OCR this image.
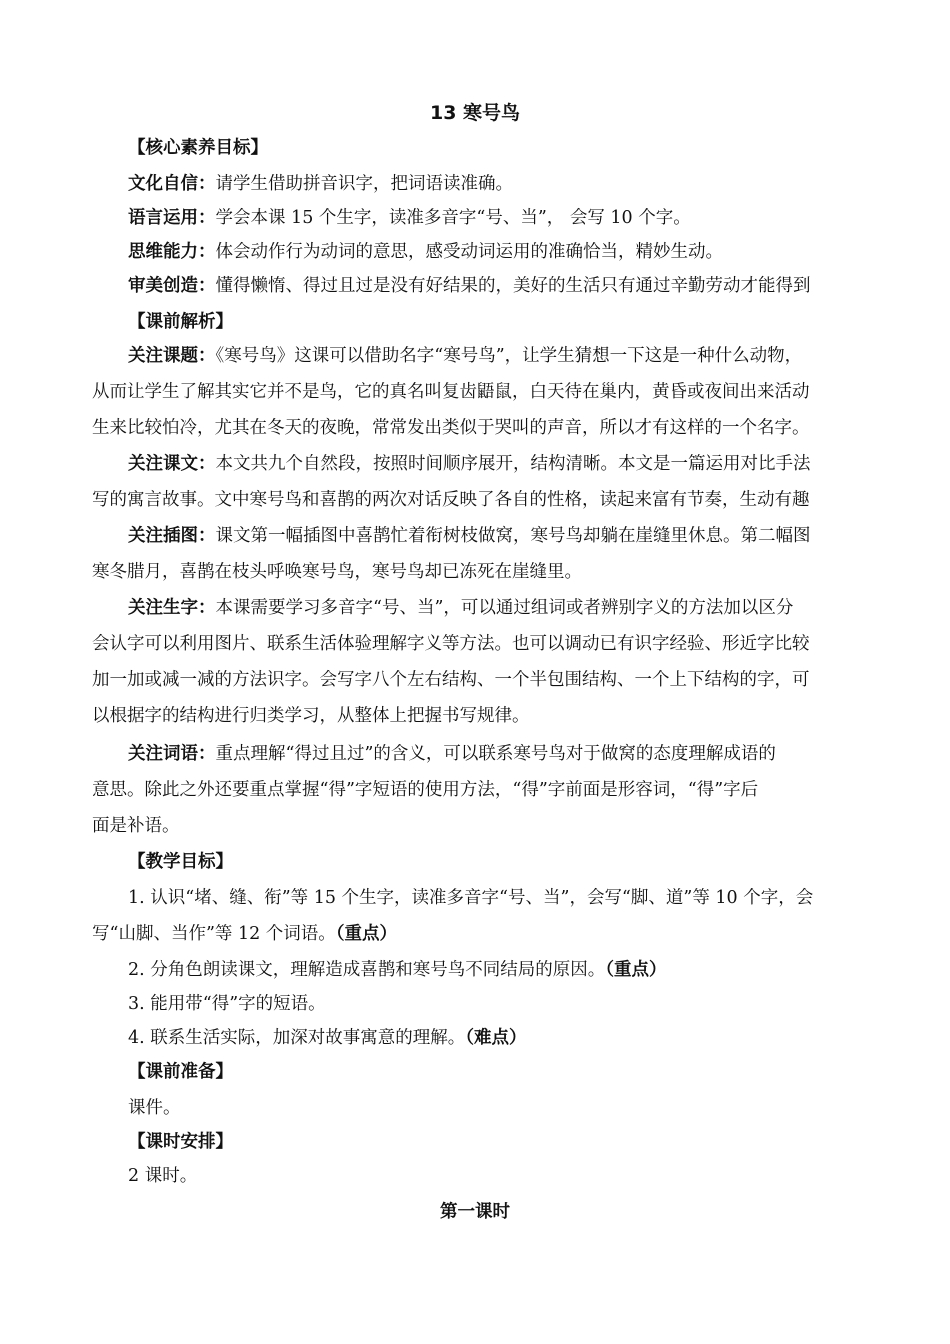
13 寒号鸟
【核心素养目标】
文化自信：请学生借助拼音识字，把词语读准确。
语言运用：学会本课 15 个生字，读准多音字“号、当”， 会写 10 个字。
思维能力：体会动作行为动词的意思，感受动词运用的准确恰当，精妙生动。
审美创造：懂得懒惰、得过且过是没有好结果的，美好的生活只有通过辛勤劳动才能得到
【课前解析】
关注课题：《寒号鸟》这课可以借助名字“寒号鸟”，让学生猜想一下这是一种什么动物，
从而让学生了解其实它并不是鸟，它的真名叫复齿鼯鼠，白天待在巢内，黄昏或夜间出来活动
生来比较怕冷，尤其在冬天的夜晚，常常发出类似于哭叫的声音，所以才有这样的一个名字。
关注课文：本文共九个自然段，按照时间顺序展开，结构清晰。本文是一篇运用对比手法
写的寓言故事。文中寒号鸟和喜鹊的两次对话反映了各自的性格，读起来富有节奏，生动有趣
关注插图：课文第一幅插图中喜鹊忙着衔树枝做窝，寒号鸟却躺在崖缝里休息。第二幅图
寒冬腊月，喜鹊在枝头呼唤寒号鸟，寒号鸟却已冻死在崖缝里。
关注生字：本课需要学习多音字“号、当”，可以通过组词或者辨别字义的方法加以区分
会认字可以利用图片、联系生活体验理解字义等方法。也可以调动已有识字经验、形近字比较
加一加或减一减的方法识字。会写字八个左右结构、一个半包围结构、一个上下结构的字，可
以根据字的结构进行归类学习，从整体上把握书写规律。
关注词语：重点理解“得过且过”的含义，可以联系寒号鸟对于做窝的态度理解成语的
意思。除此之外还要重点掌握“得”字短语的使用方法，“得”字前面是形容词，“得”字后
面是补语。
【教学目标】
1. 认识“堵、缝、衔”等 15 个生字，读准多音字“号、当”，会写“脚、道”等 10 个字，会
写“山脚、当作”等 12 个词语。（重点）
2. 分角色朗读课文，理解造成喜鹊和寒号鸟不同结局的原因。（重点）
3. 能用带“得”字的短语。
4. 联系生活实际，加深对故事寓意的理解。（难点）
【课前准备】
课件。
【课时安排】
2 课时。
第一课时
